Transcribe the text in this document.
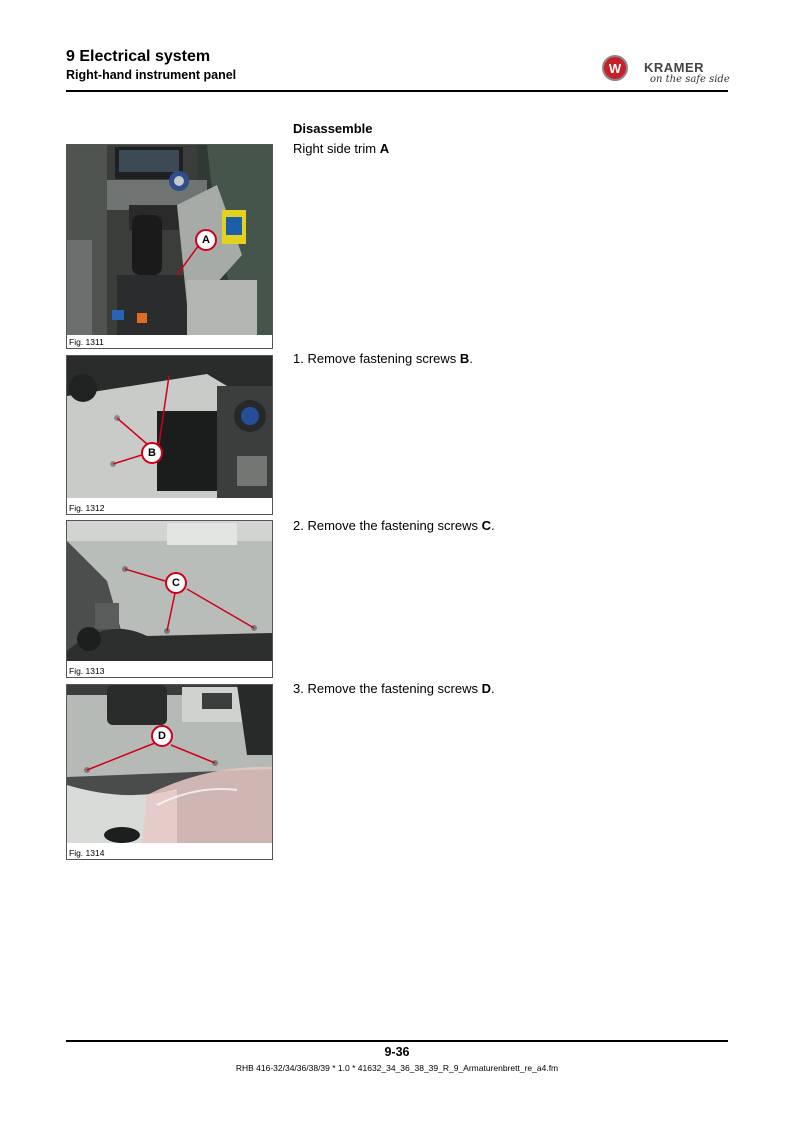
9 Electrical system
Right-hand instrument panel	W	KRAMER
on the safe side
Disassemble
Right side trim A
A
Fig. 1311
B
Fig. 1312
C
Fig. 1313
D
Fig. 1314
1. Remove fastening screws B.
2. Remove the fastening screws C.
3. Remove the fastening screws D.
9-36
RHB 416-32/34/36/38/39 * 1.0 * 41632_34_36_38_39_R_9_Armaturenbrett_re_a4.fm
